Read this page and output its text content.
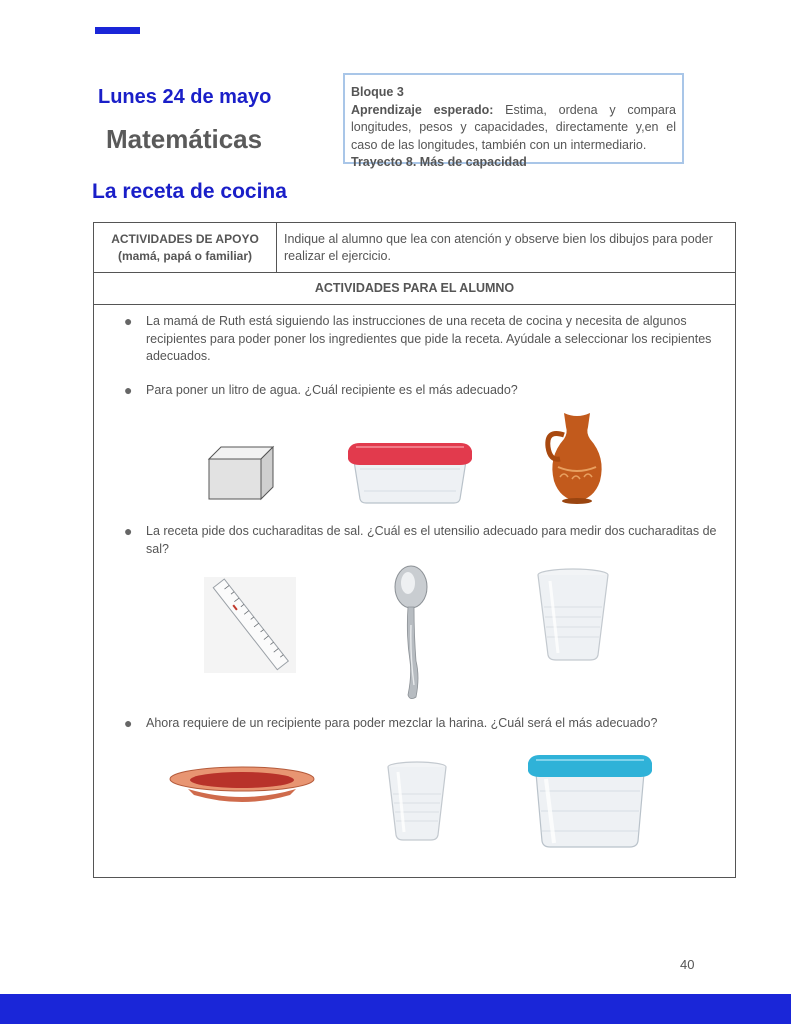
Lunes 24 de mayo
Matemáticas
La receta de cocina
Bloque 3
Aprendizaje esperado: Estima, ordena y compara longitudes, pesos y capacidades, directamente y,en el caso de las longitudes, también con un intermediario.
Trayecto 8. Más de capacidad
ACTIVIDADES DE APOYO
(mamá, papá o familiar)
Indique al alumno que lea con atención y observe bien los dibujos para poder realizar el ejercicio.
ACTIVIDADES PARA EL ALUMNO
● La mamá de Ruth está siguiendo las instrucciones de una receta de cocina y necesita de algunos recipientes para poder poner los ingredientes que pide la receta. Ayúdale a seleccionar los recipientes adecuados.
● Para poner un litro de agua. ¿Cuál recipiente es el más adecuado?
● La receta pide dos cucharaditas de sal. ¿Cuál es el utensilio adecuado para medir dos cucharaditas de sal?
● Ahora requiere de un recipiente para poder mezclar la harina. ¿Cuál será el más adecuado?
40
